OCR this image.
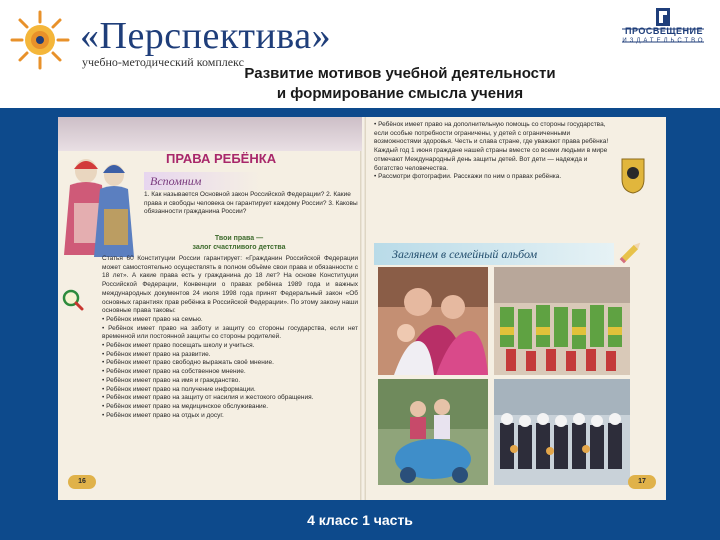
«Перспектива»
учебно-методический комплекс
ПРОСВЕЩЕНИЕ
ИЗДАТЕЛЬСТВО
Развитие мотивов учебной деятельности
и формирование смысла учения
ПРАВА РЕБЁНКА
Вспомним
1. Как называется Основной закон Российской Федерации? 2. Какие права и свободы человека он гарантирует каждому России? 3. Каковы обязанности гражданина России?
Твои права —
залог счастливого детства
Статья 60 Конституции России гарантирует: «Гражданин Российской Федерации может самостоятельно осуществлять в полном объёме свои права и обязанности с 18 лет». А какие права есть у гражданина до 18 лет? На основе Конституции Российской Федерации, Конвенции о правах ребёнка 1989 года и важных международных документов 24 июля 1998 года принят Федеральный закон «Об основных гарантиях прав ребёнка в Российской Федерации». По этому закону наши основные права таковы:
• Ребёнок имеет право на семью.
• Ребёнок имеет право на заботу и защиту со стороны государства, если нет временной или постоянной защиты со стороны родителей.
• Ребёнок имеет право посещать школу и учиться.
• Ребёнок имеет право на развитие.
• Ребёнок имеет право свободно выражать своё мнение.
• Ребёнок имеет право на собственное мнение.
• Ребёнок имеет право на имя и гражданство.
• Ребёнок имеет право на получение информации.
• Ребёнок имеет право на защиту от насилия и жестокого обращения.
• Ребёнок имеет право на медицинское обслуживание.
• Ребёнок имеет право на отдых и досуг.
16
• Ребёнок имеет право на дополнительную помощь со стороны государства, если особые потребности ограничены, у детей с ограниченными возможностями здоровья. Честь и слава стране, где уважают права ребёнка! Каждый год 1 июня граждане нашей страны вместе со всеми людьми в мире отмечают Международный день защиты детей. Вот дети — надежда и богатство человечества.
• Рассмотри фотографии. Расскажи по ним о правах ребёнка.
Заглянем в семейный альбом
17
4 класс 1 часть
